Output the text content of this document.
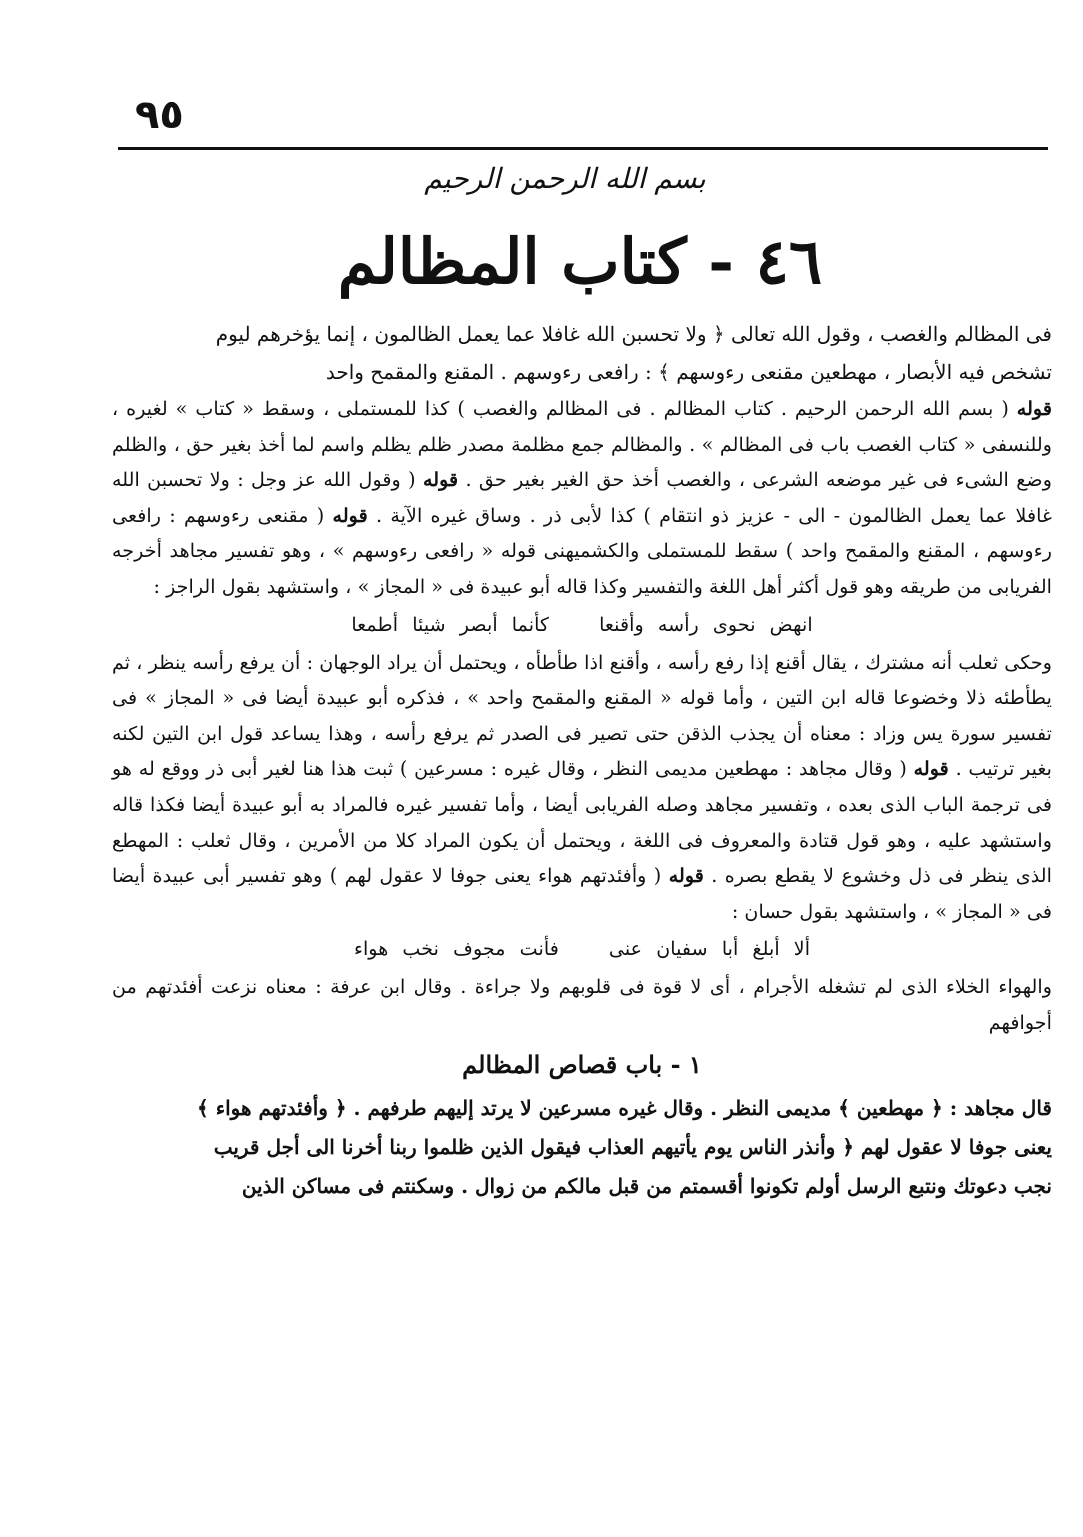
٩٥
بسم الله الرحمن الرحيم
٤٦ - كتاب المظالم

فى المظالم والغصب ، وقول الله تعالى ﴿ ولا تحسبن الله غافلا عما يعمل الظالمون ، إنما يؤخرهم ليوم

تشخص فيه الأبصار ، مهطعين مقنعى رءوسهم ﴾ : رافعى رءوسهم . المقنع والمقمح واحد

قوله ( بسم الله الرحمن الرحيم . كتاب المظالم . فى المظالم والغصب ) كذا للمستملى ، وسقط « كتاب » لغيره ، وللنسفى « كتاب الغصب باب فى المظالم » . والمظالم جمع مظلمة مصدر ظلم يظلم واسم لما أخذ بغير حق ، والظلم وضع الشىء فى غير موضعه الشرعى ، والغصب أخذ حق الغير بغير حق . قوله ( وقول الله عز وجل : ولا تحسبن الله غافلا عما يعمل الظالمون - الى - عزيز ذو انتقام ) كذا لأبى ذر . وساق غيره الآية . قوله ( مقنعى رءوسهم : رافعى رءوسهم ، المقنع والمقمح واحد ) سقط للمستملى والكشميهنى قوله « رافعى رءوسهم » ، وهو تفسير مجاهد أخرجه الفريابى من طريقه وهو قول أكثر أهل اللغة والتفسير وكذا قاله أبو عبيدة فى « المجاز » ، واستشهد بقول الراجز :

انهض نحوى رأسه وأقنعاكأنما أبصر شيئا أطمعا

وحكى ثعلب أنه مشترك ، يقال أقنع إذا رفع رأسه ، وأقنع اذا طأطأه ، ويحتمل أن يراد الوجهان : أن يرفع رأسه ينظر ، ثم يطأطئه ذلا وخضوعا قاله ابن التين ، وأما قوله « المقنع والمقمح واحد » ، فذكره أبو عبيدة أيضا فى « المجاز » فى تفسير سورة يس وزاد : معناه أن يجذب الذقن حتى تصير فى الصدر ثم يرفع رأسه ، وهذا يساعد قول ابن التين لكنه بغير ترتيب . قوله ( وقال مجاهد : مهطعين مديمى النظر ، وقال غيره : مسرعين ) ثبت هذا هنا لغير أبى ذر ووقع له هو فى ترجمة الباب الذى بعده ، وتفسير مجاهد وصله الفريابى أيضا ، وأما تفسير غيره فالمراد به أبو عبيدة أيضا فكذا قاله واستشهد عليه ، وهو قول قتادة والمعروف فى اللغة ، ويحتمل أن يكون المراد كلا من الأمرين ، وقال ثعلب : المهطع الذى ينظر فى ذل وخشوع لا يقطع بصره . قوله ( وأفئدتهم هواء يعنى جوفا لا عقول لهم ) وهو تفسير أبى عبيدة أيضا فى « المجاز » ، واستشهد بقول حسان :

ألا أبلغ أبا سفيان عنىفأنت مجوف نخب هواء

والهواء الخلاء الذى لم تشغله الأجرام ، أى لا قوة فى قلوبهم ولا جراءة . وقال ابن عرفة : معناه نزعت أفئدتهم من أجوافهم

١ - باب قصاص المظالم

قال مجاهد : ﴿ مهطعين ﴾ مديمى النظر . وقال غيره مسرعين لا يرتد إليهم طرفهم . ﴿ وأفئدتهم هواء ﴾

يعنى جوفا لا عقول لهم ﴿ وأنذر الناس يوم يأتيهم العذاب فيقول الذين ظلموا ربنا أخرنا الى أجل قريب

نجب دعوتك ونتبع الرسل أولم تكونوا أقسمتم من قبل مالكم من زوال . وسكنتم فى مساكن الذين
